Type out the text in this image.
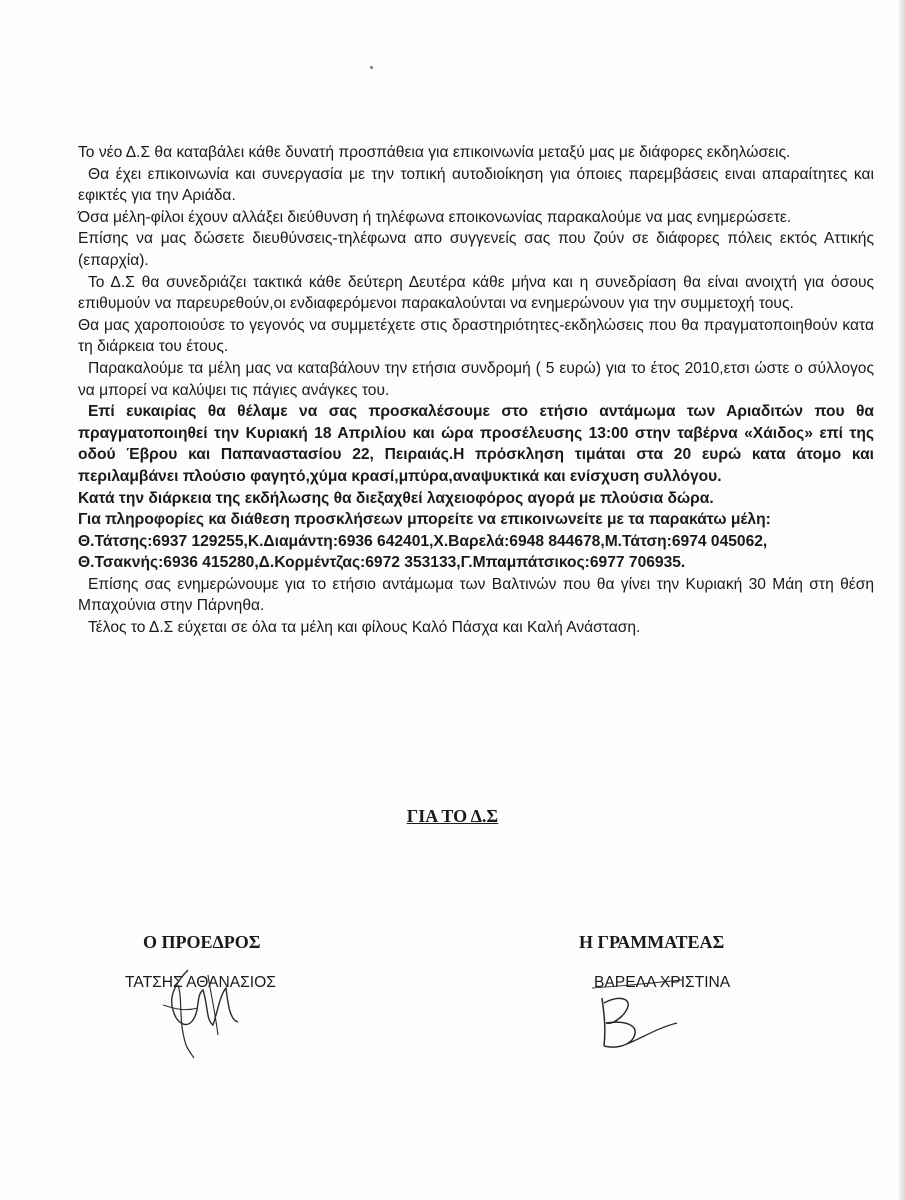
Το νέο Δ.Σ θα καταβάλει κάθε δυνατή προσπάθεια για επικοινωνία μεταξύ μας με διάφορες εκδηλώσεις.

Θα έχει επικοινωνία και συνεργασία με την τοπική αυτοδιοίκηση για όποιες παρεμβάσεις ειναι απαραίτητες και εφικτές για την Αριάδα.

Όσα μέλη-φίλοι έχουν αλλάξει διεύθυνση ή τηλέφωνα εποικονωνίας παρακαλούμε να μας ενημερώσετε.

Επίσης να μας δώσετε διευθύνσεις-τηλέφωνα απο συγγενείς σας που ζούν σε διάφορες πόλεις εκτός Αττικής (επαρχία).

Το Δ.Σ θα συνεδριάζει τακτικά κάθε δεύτερη Δευτέρα κάθε μήνα και η συνεδρίαση θα είναι ανοιχτή για όσους επιθυμούν να παρευρεθούν,οι ενδιαφερόμενοι παρακαλούνται να ενημερώνουν για την συμμετοχή τους.

Θα μας χαροποιούσε το γεγονός να συμμετέχετε στις δραστηριότητες-εκδηλώσεις που θα πραγματοποιηθούν κατα τη διάρκεια του έτους.

Παρακαλούμε τα μέλη μας να καταβάλουν την ετήσια συνδρομή ( 5 ευρώ) για το έτος 2010,ετσι ώστε ο σύλλογος να μπορεί να καλύψει τις πάγιες ανάγκες του.

Επί ευκαιρίας θα θέλαμε να σας προσκαλέσουμε στο ετήσιο αντάμωμα των Αριαδιτών που θα πραγματοποιηθεί την Κυριακή 18 Απριλίου και ώρα προσέλευσης 13:00 στην ταβέρνα «Χάιδος» επί της οδού Έβρου και Παπαναστασίου 22, Πειραιάς.Η πρόσκληση τιμάται στα 20 ευρώ κατα άτομο και περιλαμβάνει πλούσιο φαγητό,χύμα κρασί,μπύρα,αναψυκτικά και ενίσχυση συλλόγου.

Κατά την διάρκεια της εκδήλωσης θα διεξαχθεί λαχειοφόρος αγορά με πλούσια δώρα.

Για πληροφορίες κα διάθεση προσκλήσεων μπορείτε να επικοινωνείτε με τα παρακάτω μέλη:

Θ.Τάτσης:6937 129255,Κ.Διαμάντη:6936 642401,Χ.Βαρελά:6948 844678,Μ.Τάτση:6974 045062,

Θ.Τσακνής:6936 415280,Δ.Κορμέντζας:6972 353133,Γ.Μπαμπάτσικος:6977 706935.

Επίσης σας ενημερώνουμε για το ετήσιο αντάμωμα των Βαλτινών που θα γίνει την Κυριακή 30 Μάη στη θέση Μπαχούνια στην Πάρνηθα.

Τέλος το Δ.Σ εύχεται σε όλα τα μέλη και φίλους Καλό Πάσχα και Καλή Ανάσταση.

ΓΙΑ ΤΟ Δ.Σ
Ο ΠΡΟΕΔΡΟΣ
ΤΑΤΣΗΣ ΑΘΑΝΑΣΙΟΣ
Η ΓΡΑΜΜΑΤΕΑΣ
ΒΑΡΕΛΑ ΧΡΙΣΤΙΝΑ
